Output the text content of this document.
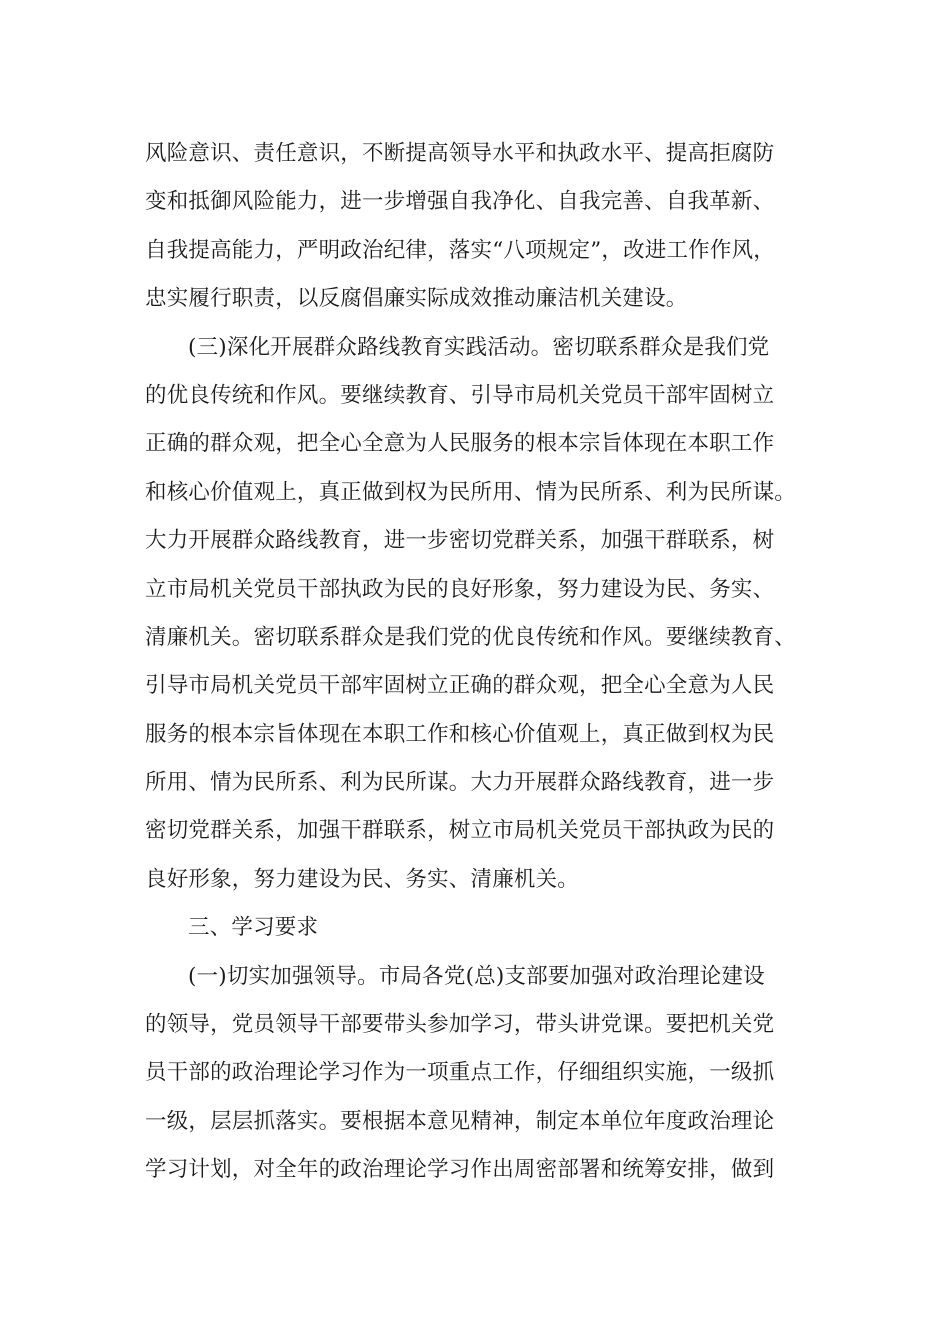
风险意识、责任意识，不断提高领导水平和执政水平、提高拒腐防
变和抵御风险能力，进一步增强自我净化、自我完善、自我革新、
自我提高能力，严明政治纪律，落实“八项规定”，改进工作作风，
忠实履行职责，以反腐倡廉实际成效推动廉洁机关建设。
(三)深化开展群众路线教育实践活动。密切联系群众是我们党
的优良传统和作风。要继续教育、引导市局机关党员干部牢固树立
正确的群众观，把全心全意为人民服务的根本宗旨体现在本职工作
和核心价值观上，真正做到权为民所用、情为民所系、利为民所谋。
大力开展群众路线教育，进一步密切党群关系，加强干群联系，树
立市局机关党员干部执政为民的良好形象，努力建设为民、务实、
清廉机关。密切联系群众是我们党的优良传统和作风。要继续教育、
引导市局机关党员干部牢固树立正确的群众观，把全心全意为人民
服务的根本宗旨体现在本职工作和核心价值观上，真正做到权为民
所用、情为民所系、利为民所谋。大力开展群众路线教育，进一步
密切党群关系，加强干群联系，树立市局机关党员干部执政为民的
良好形象，努力建设为民、务实、清廉机关。
三、学习要求
(一)切实加强领导。市局各党(总)支部要加强对政治理论建设
的领导，党员领导干部要带头参加学习，带头讲党课。要把机关党
员干部的政治理论学习作为一项重点工作，仔细组织实施，一级抓
一级，层层抓落实。要根据本意见精神，制定本单位年度政治理论
学习计划，对全年的政治理论学习作出周密部署和统筹安排，做到
